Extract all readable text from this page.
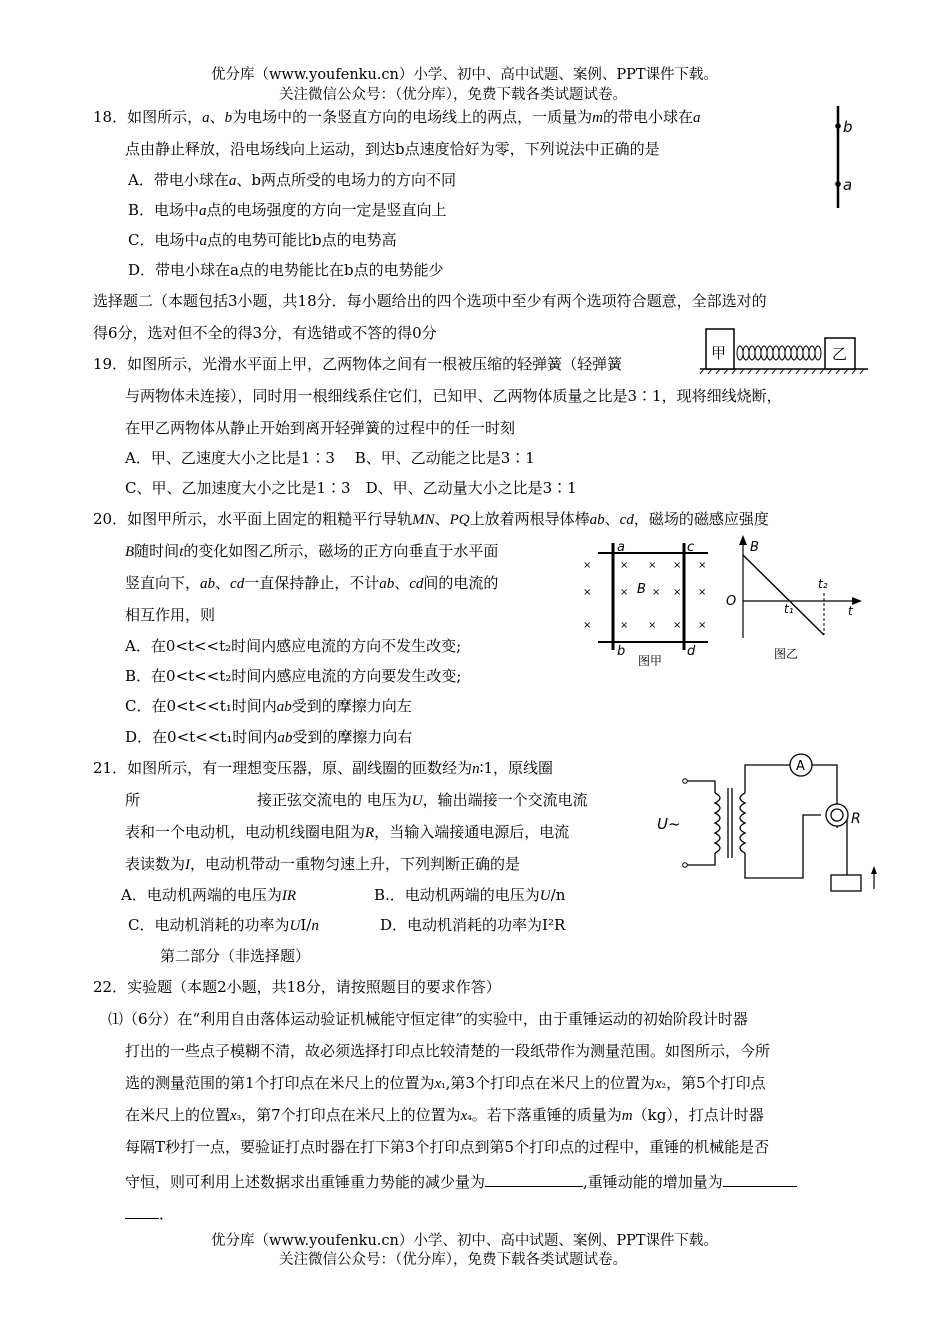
优分库（www.youfenku.cn）小学、初中、高中试题、案例、PPT课件下载。
关注微信公众号：（优分库），免费下载各类试题试卷。
18．如图所示，a、b为电场中的一条竖直方向的电场线上的两点，一质量为m的带电小球在a
点由静止释放，沿电场线向上运动，到达b点速度恰好为零，下列说法中正确的是
A．带电小球在a、b两点所受的电场力的方向不同
B．电场中a点的电场强度的方向一定是竖直向上
C．电场中a点的电势可能比b点的电势高
D．带电小球在a点的电势能比在b点的电势能少
b
a
选择题二（本题包括3小题，共18分．每小题给出的四个选项中至少有两个选项符合题意，全部选对的
得6分，选对但不全的得3分，有选错或不答的得0分
甲	乙
19．如图所示，光滑水平面上甲，乙两物体之间有一根被压缩的轻弹簧（轻弹簧
与两物体未连接），同时用一根细线系住它们，已知甲、乙两物体质量之比是3∶1，现将细线烧断，
在甲乙两物体从静止开始到离开轻弹簧的过程中的任一时刻
A．甲、乙速度大小之比是1∶3　 B、甲、乙动能之比是3∶1
C、甲、乙加速度大小之比是1∶3　D、甲、乙动量大小之比是3∶1
20．如图甲所示，水平面上固定的粗糙平行导轨MN、PQ上放着两根导体棒ab、cd，磁场的磁感应强度
B随时间t的变化如图乙所示，磁场的正方向垂直于水平面
竖直向下，ab、cd一直保持静止，不计ab、cd间的电流的
相互作用，则
A．在0<t<<t₂时间内感应电流的方向不发生改变;
B．在0<t<<t₂时间内感应电流的方向要发生改变;
C．在0<t<<t₁时间内ab受到的摩擦力向左
D．在0<t<<t₁时间内ab受到的摩擦力向右
a
b
c
d
B
×	× × × ×
×	× × × ×
×	× × × ×
图甲
B
O	t₁
t₂
t
图乙
21．如图所示，有一理想变压器，原、副线圈的匝数经为n∶1，原线圈
所	接正弦交流电的 电压为U，输出端接一个交流电流
表和一个电动机，电动机线圈电阻为R，当输入端接通电源后，电流
表读数为I，电动机带动一重物匀速上升，下列判断正确的是
A．电动机两端的电压为IR	B.．电动机两端的电压为U/n
C．电动机消耗的功率为UI/n	D．电动机消耗的功率为I²R
A
R
U~
第二部分（非选择题）
22．实验题（本题2小题，共18分，请按照题目的要求作答）
⑴（6分）在“利用自由落体运动验证机械能守恒定律”的实验中，由于重锤运动的初始阶段计时器
打出的一些点子模糊不清，故必须选择打印点比较清楚的一段纸带作为测量范围。如图所示，今所
选的测量范围的第1个打印点在米尺上的位置为x₁,第3个打印点在米尺上的位置为x₂，第5个打印点
在米尺上的位置x₃，第7个打印点在米尺上的位置为x₄。若下落重锤的质量为m（kg），打点计时器
每隔T秒打一点，要验证打点时器在打下第3个打印点到第5个打印点的过程中，重锤的机械能是否
守恒，则可利用上述数据求出重锤重力势能的减少量为	,重锤动能的增加量为
．
优分库（www.youfenku.cn）小学、初中、高中试题、案例、PPT课件下载。
关注微信公众号：（优分库），免费下载各类试题试卷。
